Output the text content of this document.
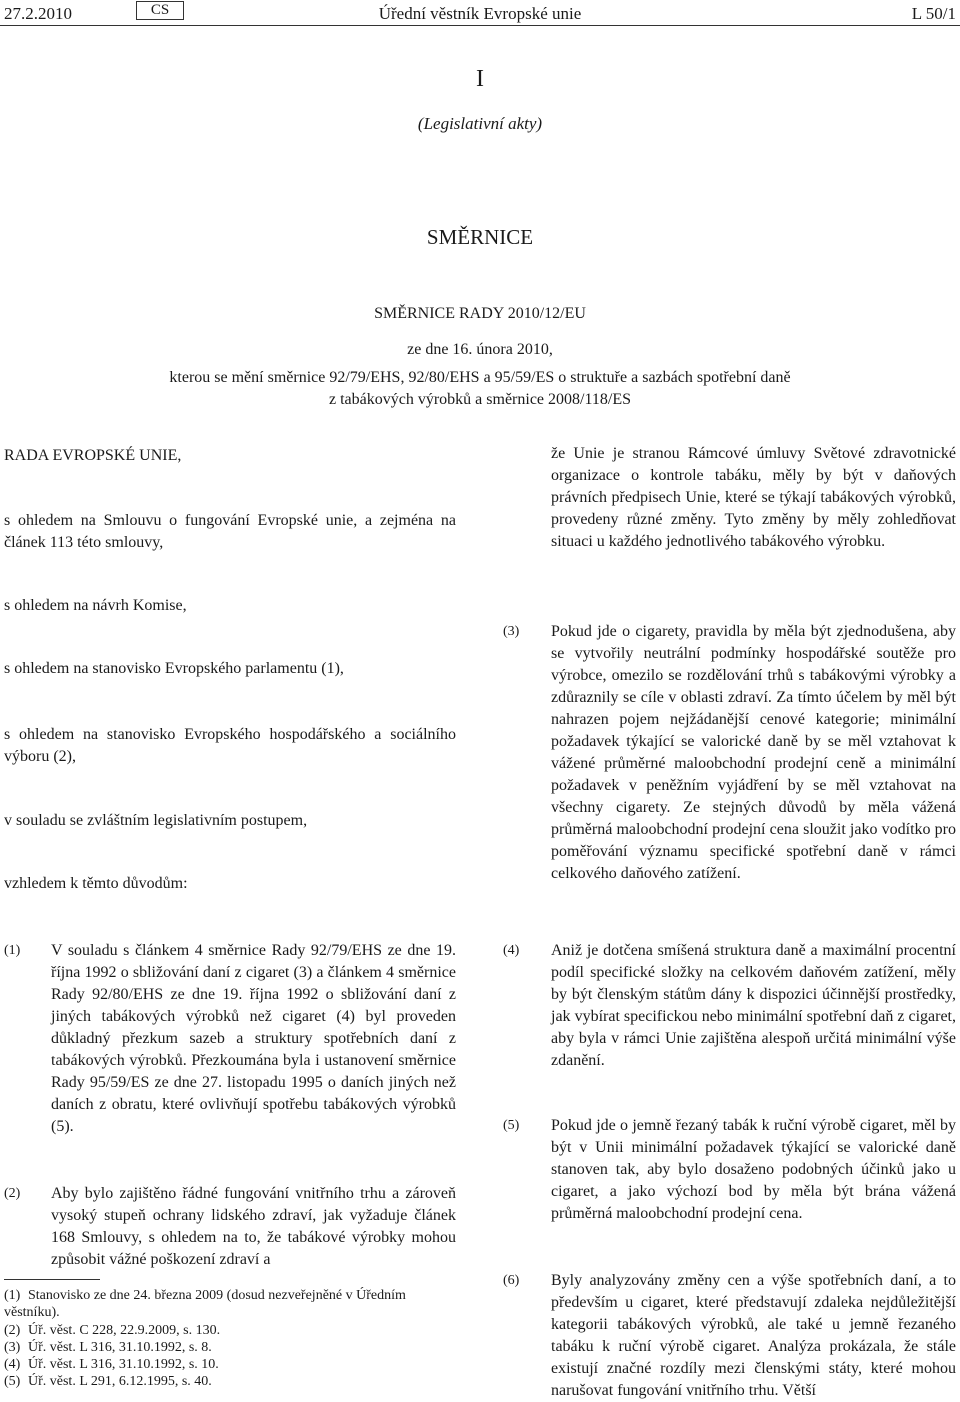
27.2.2010	CS	Úřední věstník Evropské unie	L 50/1
I
(Legislativní akty)
SMĚRNICE
SMĚRNICE RADY 2010/12/EU
ze dne 16. února 2010,
kterou se mění směrnice 92/79/EHS, 92/80/EHS a 95/59/ES o struktuře a sazbách spotřební daně
z tabákových výrobků a směrnice 2008/118/ES
RADA EVROPSKÉ UNIE,
s ohledem na Smlouvu o fungování Evropské unie, a zejména na článek 113 této smlouvy,
s ohledem na návrh Komise,
s ohledem na stanovisko Evropského parlamentu (1),
s ohledem na stanovisko Evropského hospodářského a sociálního výboru (2),
v souladu se zvláštním legislativním postupem,
vzhledem k těmto důvodům:
že Unie je stranou Rámcové úmluvy Světové zdravotnické organizace o kontrole tabáku, měly by být v daňových právních předpisech Unie, které se týkají tabákových výrobků, provedeny různé změny. Tyto změny by měly zohledňovat situaci u každého jednotlivého tabákového výrobku.
(3)	Pokud jde o cigarety, pravidla by měla být zjednodušena, aby se vytvořily neutrální podmínky hospodářské soutěže pro výrobce, omezilo se rozdělování trhů s tabákovými výrobky a zdůraznily se cíle v oblasti zdraví. Za tímto účelem by měl být nahrazen pojem nejžádanější cenové kategorie; minimální požadavek týkající se valorické daně by se měl vztahovat k vážené průměrné maloobchodní prodejní ceně a minimální požadavek v peněžním vyjádření by se měl vztahovat na všechny cigarety. Ze stejných důvodů by měla vážená průměrná maloobchodní prodejní cena sloužit jako vodítko pro poměřování významu specifické spotřební daně v rámci celkového daňového zatížení.
(1)	V souladu s článkem 4 směrnice Rady 92/79/EHS ze dne 19. října 1992 o sbližování daní z cigaret (3) a článkem 4 směrnice Rady 92/80/EHS ze dne 19. října 1992 o sbližování daní z jiných tabákových výrobků než cigaret (4) byl proveden důkladný přezkum sazeb a struktury spotřebních daní z tabákových výrobků. Přezkoumána byla i ustanovení směrnice Rady 95/59/ES ze dne 27. listopadu 1995 o daních jiných než daních z obratu, které ovlivňují spotřebu tabákových výrobků (5).
(2)	Aby bylo zajištěno řádné fungování vnitřního trhu a zároveň vysoký stupeň ochrany lidského zdraví, jak vyžaduje článek 168 Smlouvy, s ohledem na to, že tabákové výrobky mohou způsobit vážné poškození zdraví a
(4)	Aniž je dotčena smíšená struktura daně a maximální procentní podíl specifické složky na celkovém daňovém zatížení, měly by být členským státům dány k dispozici účinnější prostředky, jak vybírat specifickou nebo minimální spotřební daň z cigaret, aby byla v rámci Unie zajištěna alespoň určitá minimální výše zdanění.
(5)	Pokud jde o jemně řezaný tabák k ruční výrobě cigaret, měl by být v Unii minimální požadavek týkající se valorické daně stanoven tak, aby bylo dosaženo podobných účinků jako u cigaret, a jako výchozí bod by měla být brána vážená průměrná maloobchodní prodejní cena.
(6)	Byly analyzovány změny cen a výše spotřebních daní, a to především u cigaret, které představují zdaleka nejdůležitější kategorii tabákových výrobků, ale také u jemně řezaného tabáku k ruční výrobě cigaret. Analýza prokázala, že stále existují značné rozdíly mezi členskými státy, které mohou narušovat fungování vnitřního trhu. Větší
(1) Stanovisko ze dne 24. března 2009 (dosud nezveřejněné v Úředním věstníku).
(2) Úř. věst. C 228, 22.9.2009, s. 130.
(3) Úř. věst. L 316, 31.10.1992, s. 8.
(4) Úř. věst. L 316, 31.10.1992, s. 10.
(5) Úř. věst. L 291, 6.12.1995, s. 40.
